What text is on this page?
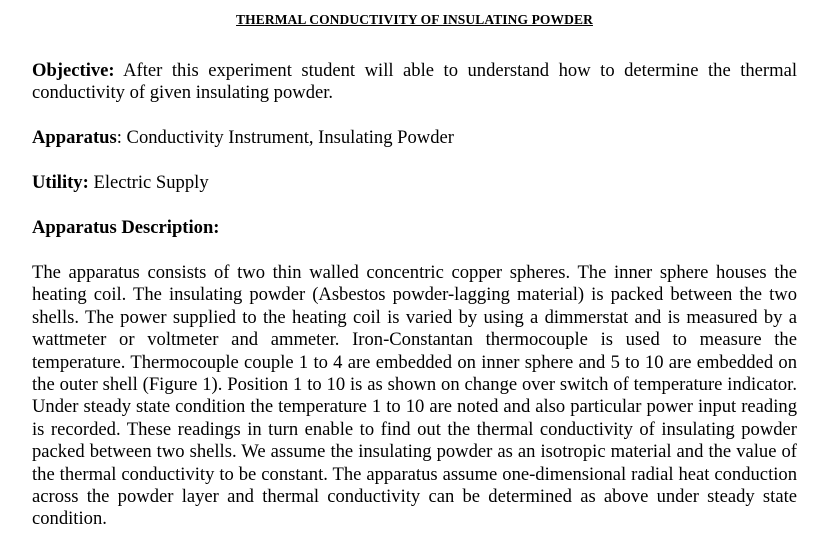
THERMAL CONDUCTIVITY OF INSULATING POWDER
Objective: After this experiment student will able to understand how to determine the thermal conductivity of given insulating powder.
Apparatus: Conductivity Instrument, Insulating Powder
Utility: Electric Supply
Apparatus Description:
The apparatus consists of two thin walled concentric copper spheres. The inner sphere houses the heating coil. The insulating powder (Asbestos powder-lagging material) is packed between the two shells. The power supplied to the heating coil is varied by using a dimmerstat and is measured by a wattmeter or voltmeter and ammeter. Iron-Constantan thermocouple is used to measure the temperature. Thermocouple couple 1 to 4 are embedded on inner sphere and 5 to 10 are embedded on the outer shell (Figure 1). Position 1 to 10 is as shown on change over switch of temperature indicator. Under steady state condition the temperature 1 to 10 are noted and also particular power input reading is recorded. These readings in turn enable to find out the thermal conductivity of insulating powder packed between two shells. We assume the insulating powder as an isotropic material and the value of the thermal conductivity to be constant. The apparatus assume one-dimensional radial heat conduction across the powder layer and thermal conductivity can be determined as above under steady state condition.
